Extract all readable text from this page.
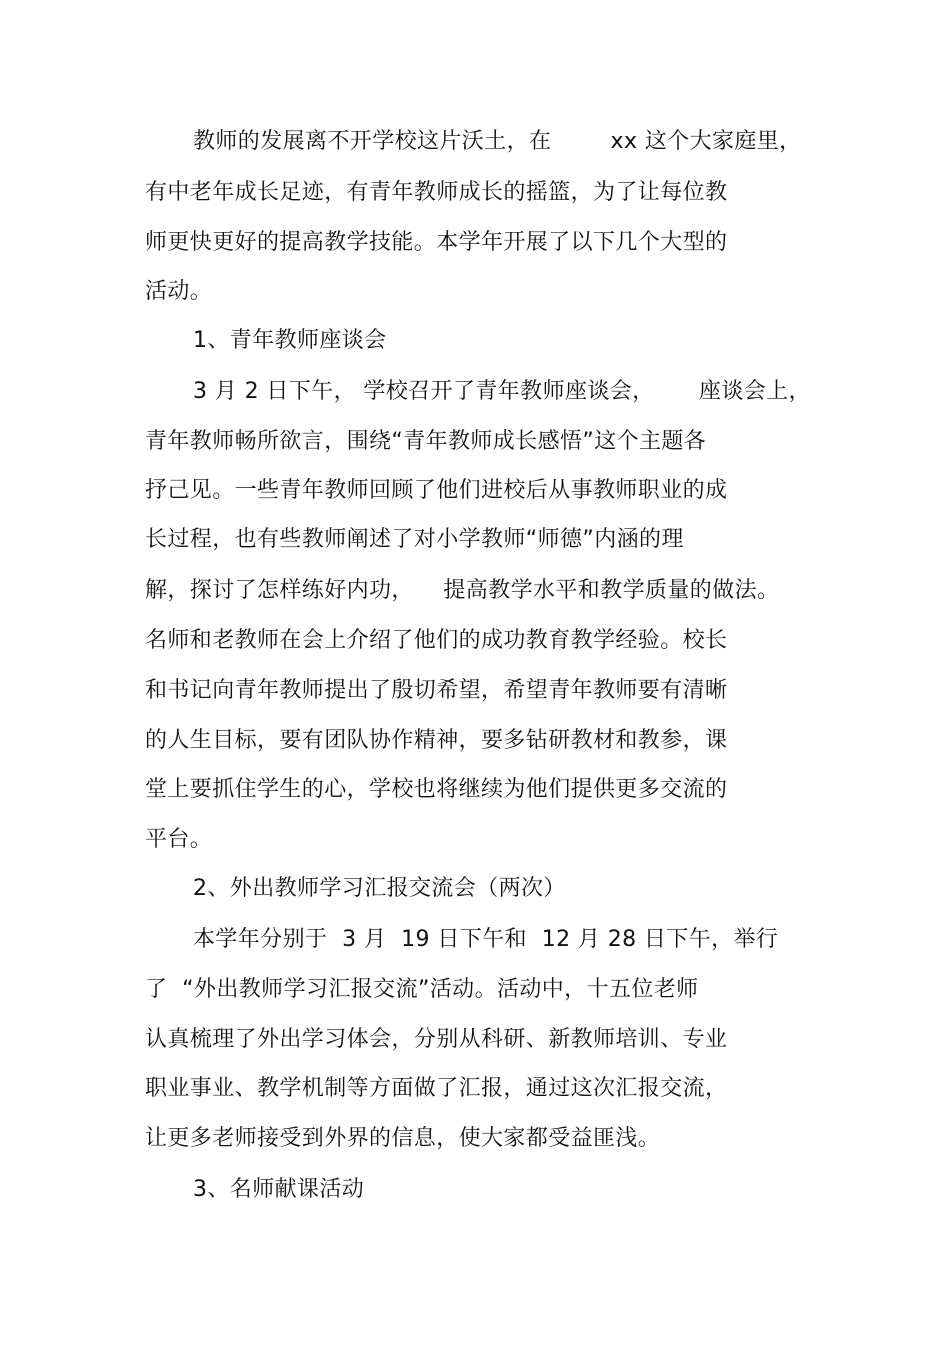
教师的发展离不开学校这片沃土，在        xx 这个大家庭里，
有中老年成长足迹，有青年教师成长的摇篮，为了让每位教
师更快更好的提高教学技能。本学年开展了以下几个大型的
活动。
1、青年教师座谈会
3 月 2 日下午， 学校召开了青年教师座谈会，      座谈会上，
青年教师畅所欲言，围绕“青年教师成长感悟”这个主题各
抒己见。一些青年教师回顾了他们进校后从事教师职业的成
长过程，也有些教师阐述了对小学教师“师德”内涵的理
解，探讨了怎样练好内功，    提高教学水平和教学质量的做法。
名师和老教师在会上介绍了他们的成功教育教学经验。校长
和书记向青年教师提出了殷切希望，希望青年教师要有清晰
的人生目标，要有团队协作精神，要多钻研教材和教参，课
堂上要抓住学生的心，学校也将继续为他们提供更多交流的
平台。
2、外出教师学习汇报交流会（两次）
本学年分别于  3 月  19 日下午和  12 月 28 日下午，举行
了  “外出教师学习汇报交流”活动。活动中，十五位老师
认真梳理了外出学习体会，分别从科研、新教师培训、专业
职业事业、教学机制等方面做了汇报，通过这次汇报交流，
让更多老师接受到外界的信息，使大家都受益匪浅。
3、名师献课活动
